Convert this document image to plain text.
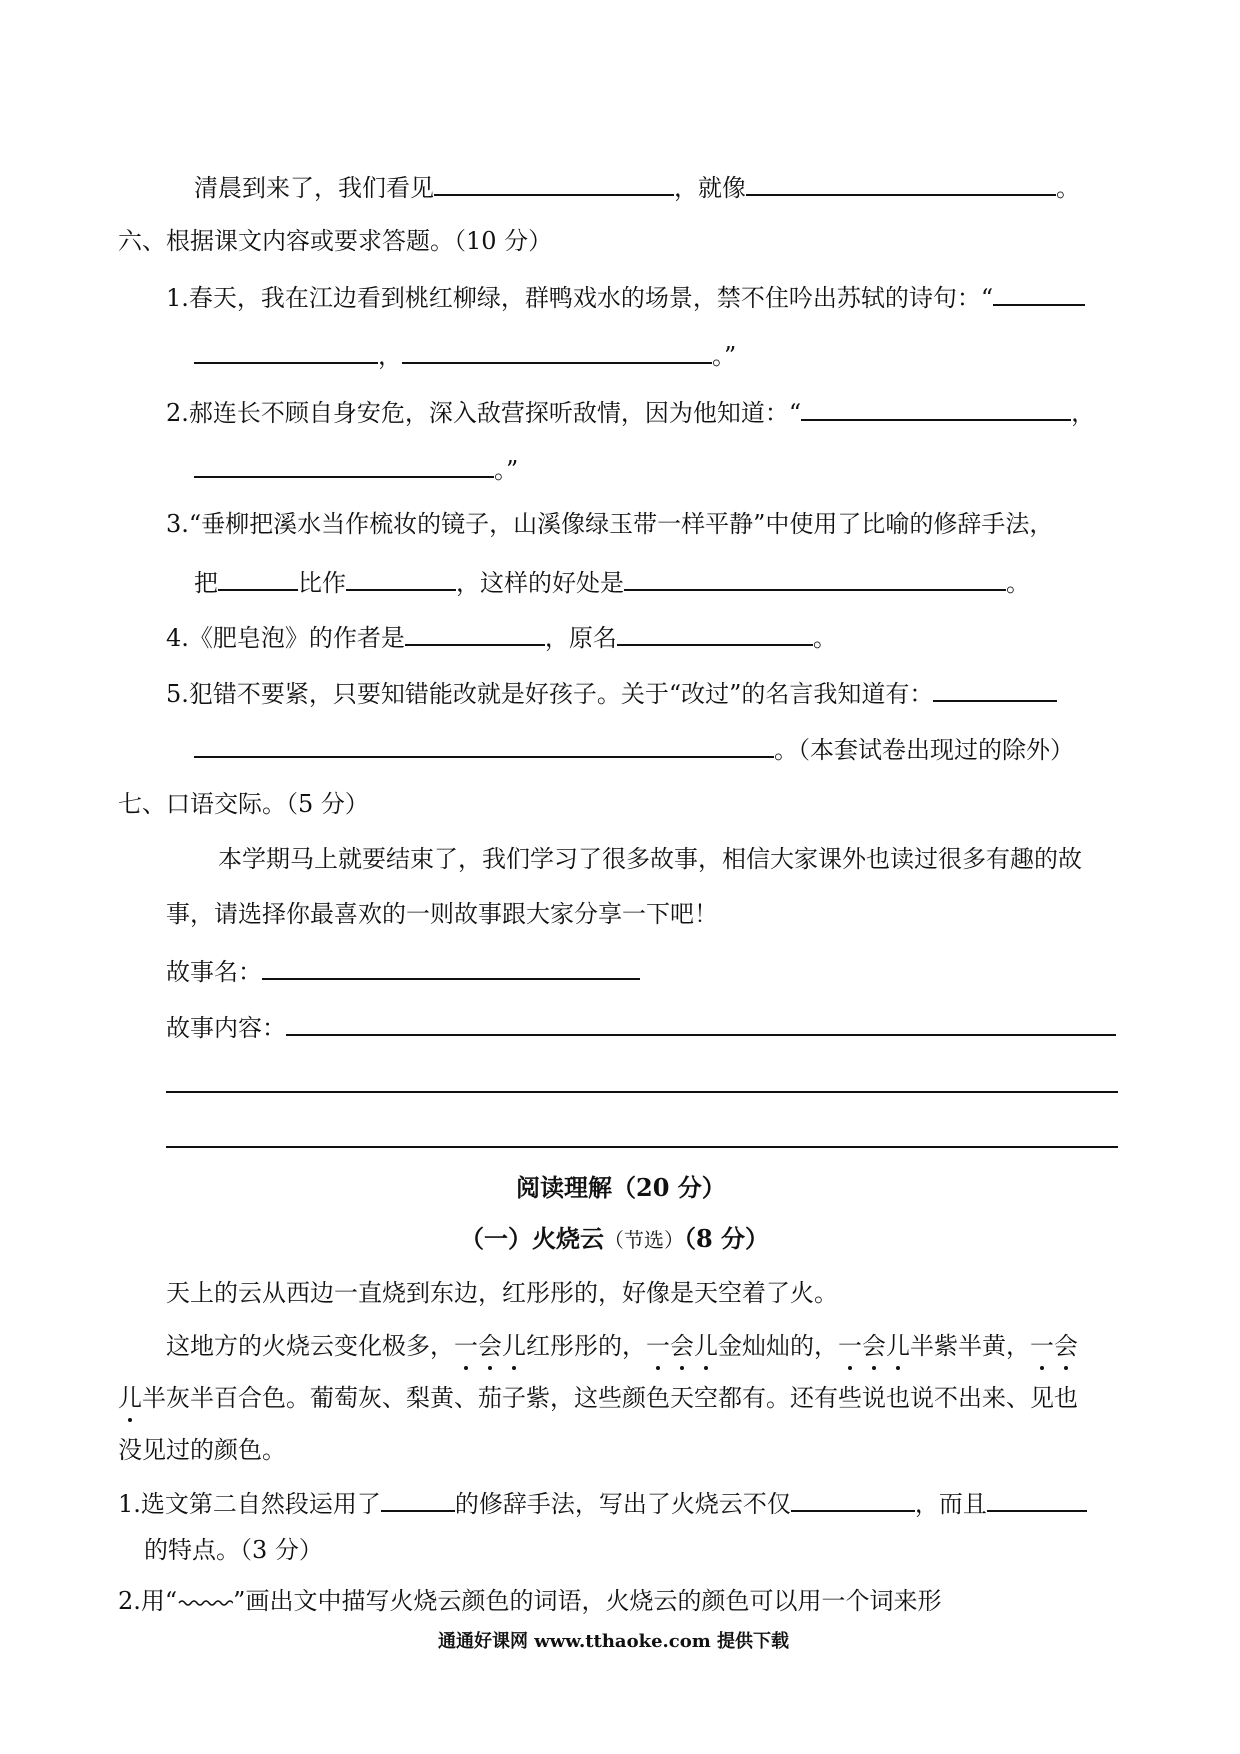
清晨到来了，我们看见	，就像	。
六、根据课文内容或要求答题。（10 分）
1.春天，我在江边看到桃红柳绿，群鸭戏水的场景，禁不住吟出苏轼的诗句：“
，	。”
2.郝连长不顾自身安危，深入敌营探听敌情，因为他知道：“	，
。”
3.“垂柳把溪水当作梳妆的镜子，山溪像绿玉带一样平静”中使用了比喻的修辞手法，
把	比作	，这样的好处是	。
4.《肥皂泡》的作者是	，原名	。
5.犯错不要紧，只要知错能改就是好孩子。关于“改过”的名言我知道有：
。（本套试卷出现过的除外）
七、口语交际。（5 分）
本学期马上就要结束了，我们学习了很多故事，相信大家课外也读过很多有趣的故
事，请选择你最喜欢的一则故事跟大家分享一下吧！
故事名：
故事内容：
阅读理解（20 分）
（一）火烧云（节选）（8 分）
天上的云从西边一直烧到东边，红彤彤的，好像是天空着了火。
这地方的火烧云变化极多，一会儿红彤彤的，一会儿金灿灿的，一会儿半紫半黄，一会
儿半灰半百合色。葡萄灰、梨黄、茄子紫，这些颜色天空都有。还有些说也说不出来、见也
没见过的颜色。
1.选文第二自然段运用了	的修辞手法，写出了火烧云不仅	，而且
的特点。（3 分）
2.用“ ”画出文中描写火烧云颜色的词语，火烧云的颜色可以用一个词来形
通通好课网 www.tthaoke.com 提供下载
